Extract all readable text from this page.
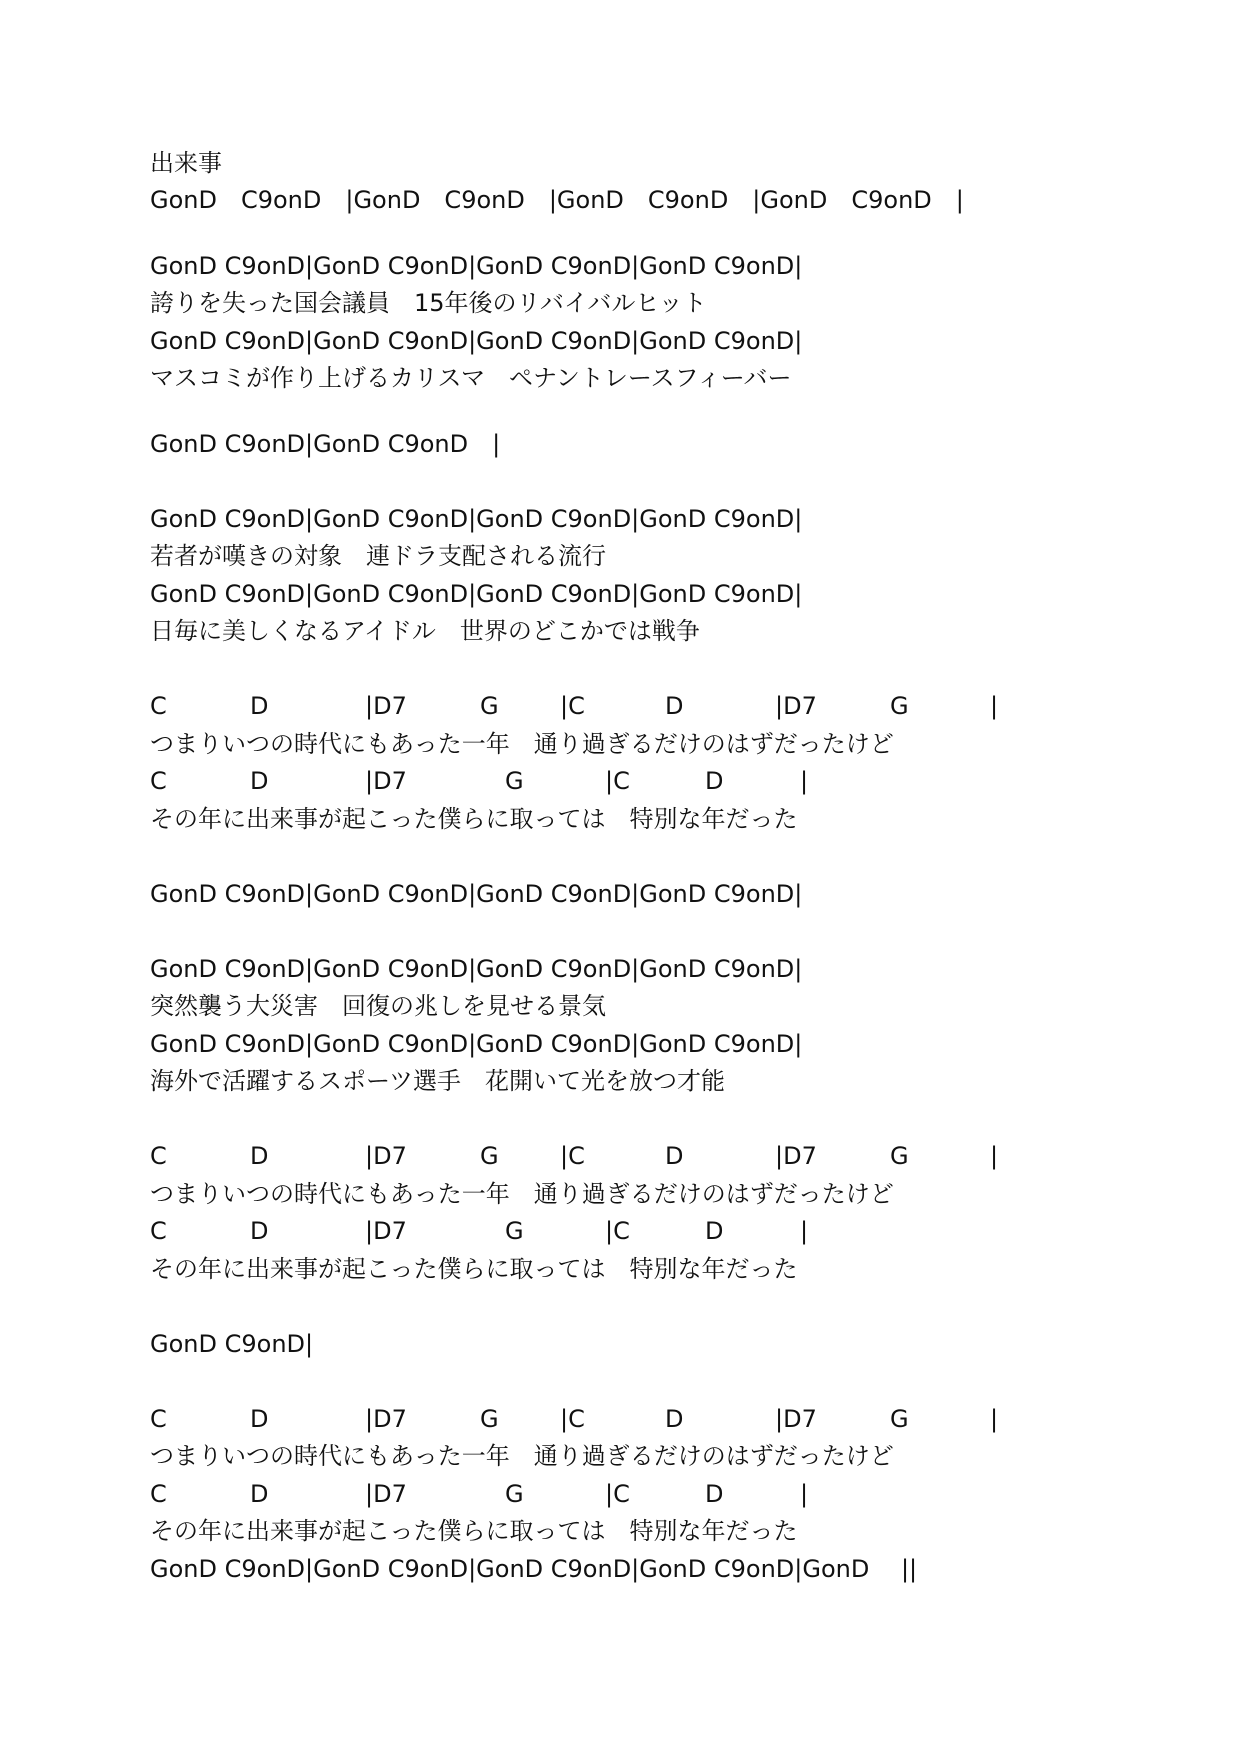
出来事
GonD　C9onD　|GonD　C9onD　|GonD　C9onD　|GonD　C9onD　|
GonD C9onD|GonD C9onD|GonD C9onD|GonD C9onD|
誇りを失った国会議員　15年後のリバイバルヒット
GonD C9onD|GonD C9onD|GonD C9onD|GonD C9onD|
マスコミが作り上げるカリスマ　ペナントレースフィーバー
GonD C9onD|GonD C9onD　|
GonD C9onD|GonD C9onD|GonD C9onD|GonD C9onD|
若者が嘆きの対象　連ドラ支配される流行
GonD C9onD|GonD C9onD|GonD C9onD|GonD C9onD|
日毎に美しくなるアイドル　世界のどこかでは戦争
C	D	|D7	G	|C	D	|D7	G	|
つまりいつの時代にもあった一年　通り過ぎるだけのはずだったけど
C	D	|D7	G	|C	D	|
その年に出来事が起こった僕らに取っては　特別な年だった
GonD C9onD|GonD C9onD|GonD C9onD|GonD C9onD|
GonD C9onD|GonD C9onD|GonD C9onD|GonD C9onD|
突然襲う大災害　回復の兆しを見せる景気
GonD C9onD|GonD C9onD|GonD C9onD|GonD C9onD|
海外で活躍するスポーツ選手　花開いて光を放つ才能
C	D	|D7	G	|C	D	|D7	G	|
つまりいつの時代にもあった一年　通り過ぎるだけのはずだったけど
C	D	|D7	G	|C	D	|
その年に出来事が起こった僕らに取っては　特別な年だった
GonD C9onD|
C	D	|D7	G	|C	D	|D7	G	|
つまりいつの時代にもあった一年　通り過ぎるだけのはずだったけど
C	D	|D7	G	|C	D	|
その年に出来事が起こった僕らに取っては　特別な年だった
GonD C9onD|GonD C9onD|GonD C9onD|GonD C9onD|GonD　 ||
